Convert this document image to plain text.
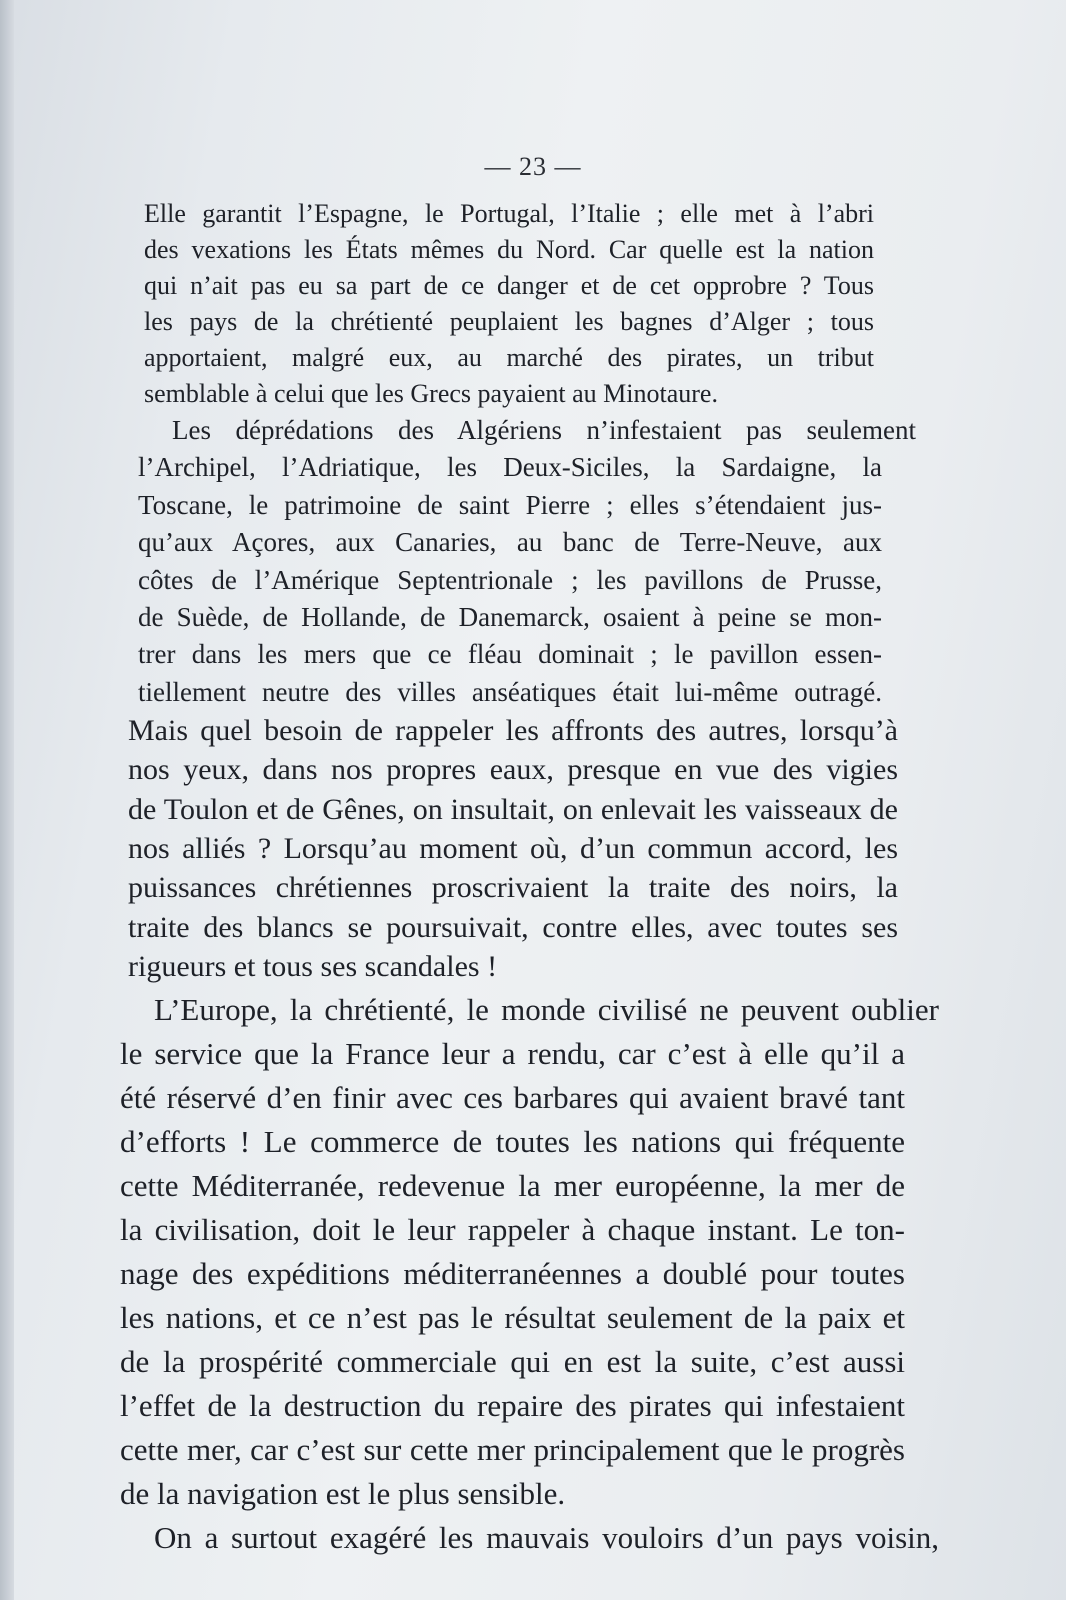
— 23 —
Elle garantit l’Espagne, le Portugal, l’Italie ; elle met à l’abri
des vexations les États mêmes du Nord. Car quelle est la nation
qui n’ait pas eu sa part de ce danger et de cet opprobre ? Tous
les pays de la chrétienté peuplaient les bagnes d’Alger ; tous
apportaient, malgré eux, au marché des pirates, un tribut
semblable à celui que les Grecs payaient au Minotaure.
Les déprédations des Algériens n’infestaient pas seulement
l’Archipel, l’Adriatique, les Deux-Siciles, la Sardaigne, la
Toscane, le patrimoine de saint Pierre ; elles s’étendaient jus-
qu’aux Açores, aux Canaries, au banc de Terre-Neuve, aux
côtes de l’Amérique Septentrionale ; les pavillons de Prusse,
de Suède, de Hollande, de Danemarck, osaient à peine se mon-
trer dans les mers que ce fléau dominait ; le pavillon essen-
tiellement neutre des villes anséatiques était lui-même outragé.
Mais quel besoin de rappeler les affronts des autres, lorsqu’à
nos yeux, dans nos propres eaux, presque en vue des vigies
de Toulon et de Gênes, on insultait, on enlevait les vaisseaux de
nos alliés ? Lorsqu’au moment où, d’un commun accord, les
puissances chrétiennes proscrivaient la traite des noirs, la
traite des blancs se poursuivait, contre elles, avec toutes ses
rigueurs et tous ses scandales !
L’Europe, la chrétienté, le monde civilisé ne peuvent oublier
le service que la France leur a rendu, car c’est à elle qu’il a
été réservé d’en finir avec ces barbares qui avaient bravé tant
d’efforts ! Le commerce de toutes les nations qui fréquente
cette Méditerranée, redevenue la mer européenne, la mer de
la civilisation, doit le leur rappeler à chaque instant. Le ton-
nage des expéditions méditerranéennes a doublé pour toutes
les nations, et ce n’est pas le résultat seulement de la paix et
de la prospérité commerciale qui en est la suite, c’est aussi
l’effet de la destruction du repaire des pirates qui infestaient
cette mer, car c’est sur cette mer principalement que le progrès
de la navigation est le plus sensible.
On a surtout exagéré les mauvais vouloirs d’un pays voisin,
